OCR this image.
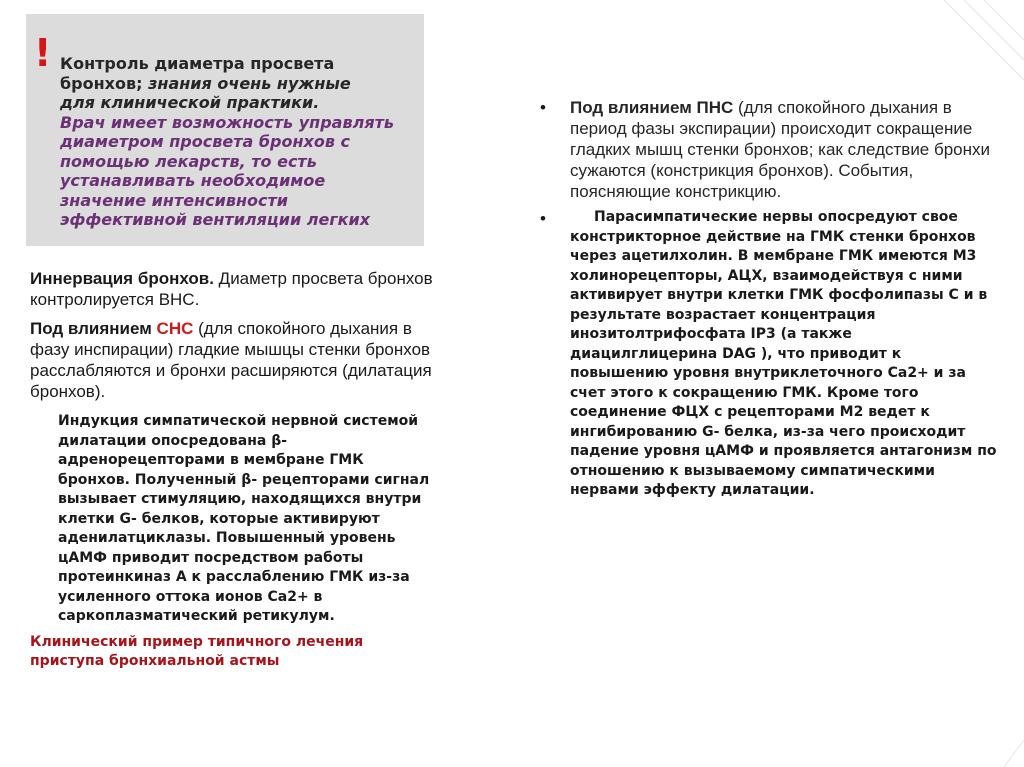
! Контроль диаметра просвета
бронхов; знания очень нужные
для клинической практики.
Врач имеет возможность управлять
диаметром просвета бронхов с
помощью лекарств, то есть
устанавливать необходимое
значение интенсивности
эффективной вентиляции легких

Иннервация бронхов. Диаметр просвета бронхов контролируется ВНС.

Под влиянием СНС (для спокойного дыхания в фазу инспирации) гладкие мышцы стенки бронхов расслабляются и бронхи расширяются (дилатация бронхов).

Индукция симпатической нервной системой дилатации опосредована β- адренорецепторами в мембране ГМК бронхов. Полученный β- рецепторами сигнал вызывает стимуляцию, находящихся внутри клетки G- белков, которые активируют аденилатциклазы. Повышенный уровень цАМФ приводит посредством работы протеинкиназ А к расслаблению ГМК из-за усиленного оттока ионов Са2+ в саркоплазматический ретикулум.

Клинический пример типичного лечения приступа бронхиальной астмы

• Под влиянием ПНС (для спокойного дыхания в период фазы экспирации) происходит сокращение гладких мышц стенки бронхов; как следствие бронхи сужаются (констрикция бронхов). События, поясняющие констрикцию.

•	Парасимпатические нервы опосредуют свое констрикторное действие на ГМК стенки бронхов через ацетилхолин. В мембране ГМК имеются М3 холинорецепторы, АЦХ, взаимодействуя с ними активирует внутри клетки ГМК фосфолипазы С и в результате возрастает концентрация инозитолтрифосфата IP3 (а также диацилглицерина DAG ), что приводит к повышению уровня внутриклеточного Са2+ и за счет этого к сокращению ГМК. Кроме того соединение ФЦХ с рецепторами М2 ведет к ингибированию G- белка, из-за чего происходит падение уровня цАМФ и проявляется антагонизм по отношению к вызываемому симпатическими нервами эффекту дилатации.
